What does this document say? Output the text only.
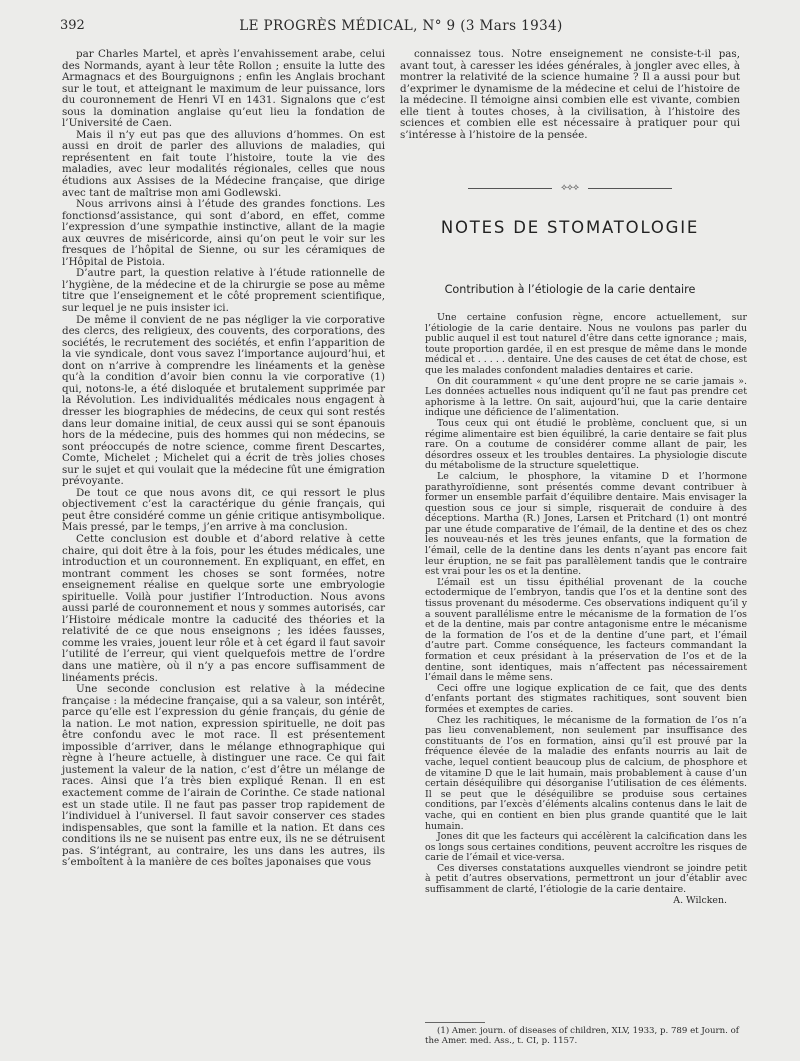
392	LE PROGRÈS MÉDICAL, N° 9 (3 Mars 1934)

par Charles Martel, et après l’envahissement arabe, celui des Normands, ayant à leur tête Rollon ; ensuite la lutte des Armagnacs et des Bourguignons ; enfin les Anglais brochant sur le tout, et atteignant le maximum de leur puissance, lors du couronnement de Henri VI en 1431. Signalons que c’est sous la domination anglaise qu’eut lieu la fondation de l’Université de Caen.

Mais il n’y eut pas que des alluvions d’hommes. On est aussi en droit de parler des alluvions de maladies, qui représentent en fait toute l’histoire, toute la vie des maladies, avec leur modalités régionales, celles que nous étudions aux Assises de la Médecine française, que dirige avec tant de maîtrise mon ami Godlewski.

Nous arrivons ainsi à l’étude des grandes fonctions. Les fonctionsd’assistance, qui sont d’abord, en effet, comme l’expression d’une sympathie instinctive, allant de la magie aux œuvres de miséricorde, ainsi qu’on peut le voir sur les fresques de l’hôpital de Sienne, ou sur les céramiques de l’Hôpital de Pistoia.

D’autre part, la question relative à l’étude rationnelle de l’hygiène, de la médecine et de la chirurgie se pose au même titre que l’enseignement et le côté proprement scientifique, sur lequel je ne puis insister ici.

De même il convient de ne pas négliger la vie corporative des clercs, des religieux, des couvents, des corporations, des sociétés, le recrutement des sociétés, et enfin l’apparition de la vie syndicale, dont vous savez l’importance aujourd’hui, et dont on n’arrive à comprendre les linéaments et la genèse qu’à la condition d’avoir bien connu la vie corporative (1) qui, notons-le, a été disloquée et brutalement supprimée par la Révolution. Les individualités médicales nous engagent à dresser les biographies de médecins, de ceux qui sont restés dans leur domaine initial, de ceux aussi qui se sont épanouis hors de la médecine, puis des hommes qui non médecins, se sont préoccupés de notre science, comme firent Descartes, Comte, Michelet ; Michelet qui a écrit de très jolies choses sur le sujet et qui voulait que la médecine fût une émigration prévoyante.

De tout ce que nous avons dit, ce qui ressort le plus objectivement c’est la caractérique du génie français, qui peut être considéré comme un génie critique antisymbolique. Mais pressé, par le temps, j’en arrive à ma conclusion.

Cette conclusion est double et d’abord relative à cette chaire, qui doit être à la fois, pour les études médicales, une introduction et un couronnement. En expliquant, en effet, en montrant comment les choses se sont formées, notre enseignement réalise en quelque sorte une embryologie spirituelle. Voilà pour justifier l’Introduction. Nous avons aussi parlé de couronnement et nous y sommes autorisés, car l’Histoire médicale montre la caducité des théories et la relativité de ce que nous enseignons ; les idées fausses, comme les vraies, jouent leur rôle et à cet égard il faut savoir l’utilité de l’erreur, qui vient quelquefois mettre de l’ordre dans une matière, où il n’y a pas encore suffisamment de linéaments précis.

Une seconde conclusion est relative à la médecine française : la médecine française, qui a sa valeur, son intérêt, parce qu’elle est l’expression du génie français, du génie de la nation. Le mot nation, expression spirituelle, ne doit pas être confondu avec le mot race. Il est présentement impossible d’arriver, dans le mélange ethnographique qui règne à l’heure actuelle, à distinguer une race. Ce qui fait justement la valeur de la nation, c’est d’être un mélange de races. Ainsi que l’a très bien expliqué Renan. Il en est exactement comme de l’airain de Corinthe. Ce stade national est un stade utile. Il ne faut pas passer trop rapidement de l’individuel à l’universel. Il faut savoir conserver ces stades indispensables, que sont la famille et la nation. Et dans ces conditions ils ne se nuisent pas entre eux, ils ne se détruisent pas. S’intégrant, au contraire, les uns dans les autres, ils s’emboîtent à la manière de ces boîtes japonaises que vous

connaissez tous. Notre enseignement ne consiste-t-il pas, avant tout, à caresser les idées générales, à jongler avec elles, à montrer la relativité de la science humaine ? Il a aussi pour but d’exprimer le dynamisme de la médecine et celui de l’histoire de la médecine. Il témoigne ainsi combien elle est vivante, combien elle tient à toutes choses, à la civilisation, à l’histoire des sciences et combien elle est nécessaire à pratiquer pour qui s’intéresse à l’histoire de la pensée.

⟡⟡⟡
NOTES DE STOMATOLOGIE
Contribution à l’étiologie de la carie dentaire

Une certaine confusion règne, encore actuellement, sur l’étiologie de la carie dentaire. Nous ne voulons pas parler du public auquel il est tout naturel d’être dans cette ignorance ; mais, toute proportion gardée, il en est presque de même dans le monde médical et . . . . . dentaire. Une des causes de cet état de chose, est que les malades confondent maladies dentaires et carie.

On dit couramment « qu’une dent propre ne se carie jamais ». Les données actuelles nous indiquent qu’il ne faut pas prendre cet aphorisme à la lettre. On sait, aujourd’hui, que la carie dentaire indique une déficience de l’alimentation.

Tous ceux qui ont étudié le problème, concluent que, si un régime alimentaire est bien équilibré, la carie dentaire se fait plus rare. On a coutume de considérer comme allant de pair, les désordres osseux et les troubles dentaires. La physiologie discute du métabolisme de la structure squelettique.

Le calcium, le phosphore, la vitamine D et l’hormone parathyroïdienne, sont présentés comme devant contribuer à former un ensemble parfait d’équilibre dentaire. Mais envisager la question sous ce jour si simple, risquerait de conduire à des déceptions. Martha (R.) Jones, Larsen et Pritchard (1) ont montré par une étude comparative de l’émail, de la dentine et des os chez les nouveau-nés et les très jeunes enfants, que la formation de l’émail, celle de la dentine dans les dents n’ayant pas encore fait leur éruption, ne se fait pas parallèlement tandis que le contraire est vrai pour les os et la dentine.

L’émail est un tissu épithélial provenant de la couche ectodermique de l’embryon, tandis que l’os et la dentine sont des tissus provenant du mésoderme. Ces observations indiquent qu’il y a souvent parallélisme entre le mécanisme de la formation de l’os et de la dentine, mais par contre antagonisme entre le mécanisme de la formation de l’os et de la dentine d’une part, et l’émail d’autre part. Comme conséquence, les facteurs commandant la formation et ceux présidant à la préservation de l’os et de la dentine, sont identiques, mais n’affectent pas nécessairement l’émail dans le même sens.

Ceci offre une logique explication de ce fait, que des dents d’enfants portant des stigmates rachitiques, sont souvent bien formées et exemptes de caries.

Chez les rachitiques, le mécanisme de la formation de l’os n’a pas lieu convenablement, non seulement par insuffisance des constituants de l’os en formation, ainsi qu’il est prouvé par la fréquence élevée de la maladie des enfants nourris au lait de vache, lequel contient beaucoup plus de calcium, de phosphore et de vitamine D que le lait humain, mais probablement à cause d’un certain déséquilibre qui désorganise l’utilisation de ces éléments. Il se peut que le déséquilibre se produise sous certaines conditions, par l’excès d’éléments alcalins contenus dans le lait de vache, qui en contient en bien plus grande quantité que le lait humain.

Jones dit que les facteurs qui accélèrent la calcification dans les os longs sous certaines conditions, peuvent accroître les risques de carie de l’émail et vice-versa.

Ces diverses constatations auxquelles viendront se joindre petit à petit d’autres observations, permettront un jour d’établir avec suffisamment de clarté, l’étiologie de la carie dentaire.

A. Wilcken.
(1) Amer. journ. of diseases of children, XLV, 1933, p. 789 et Journ. of the Amer. med. Ass., t. CI, p. 1157.
